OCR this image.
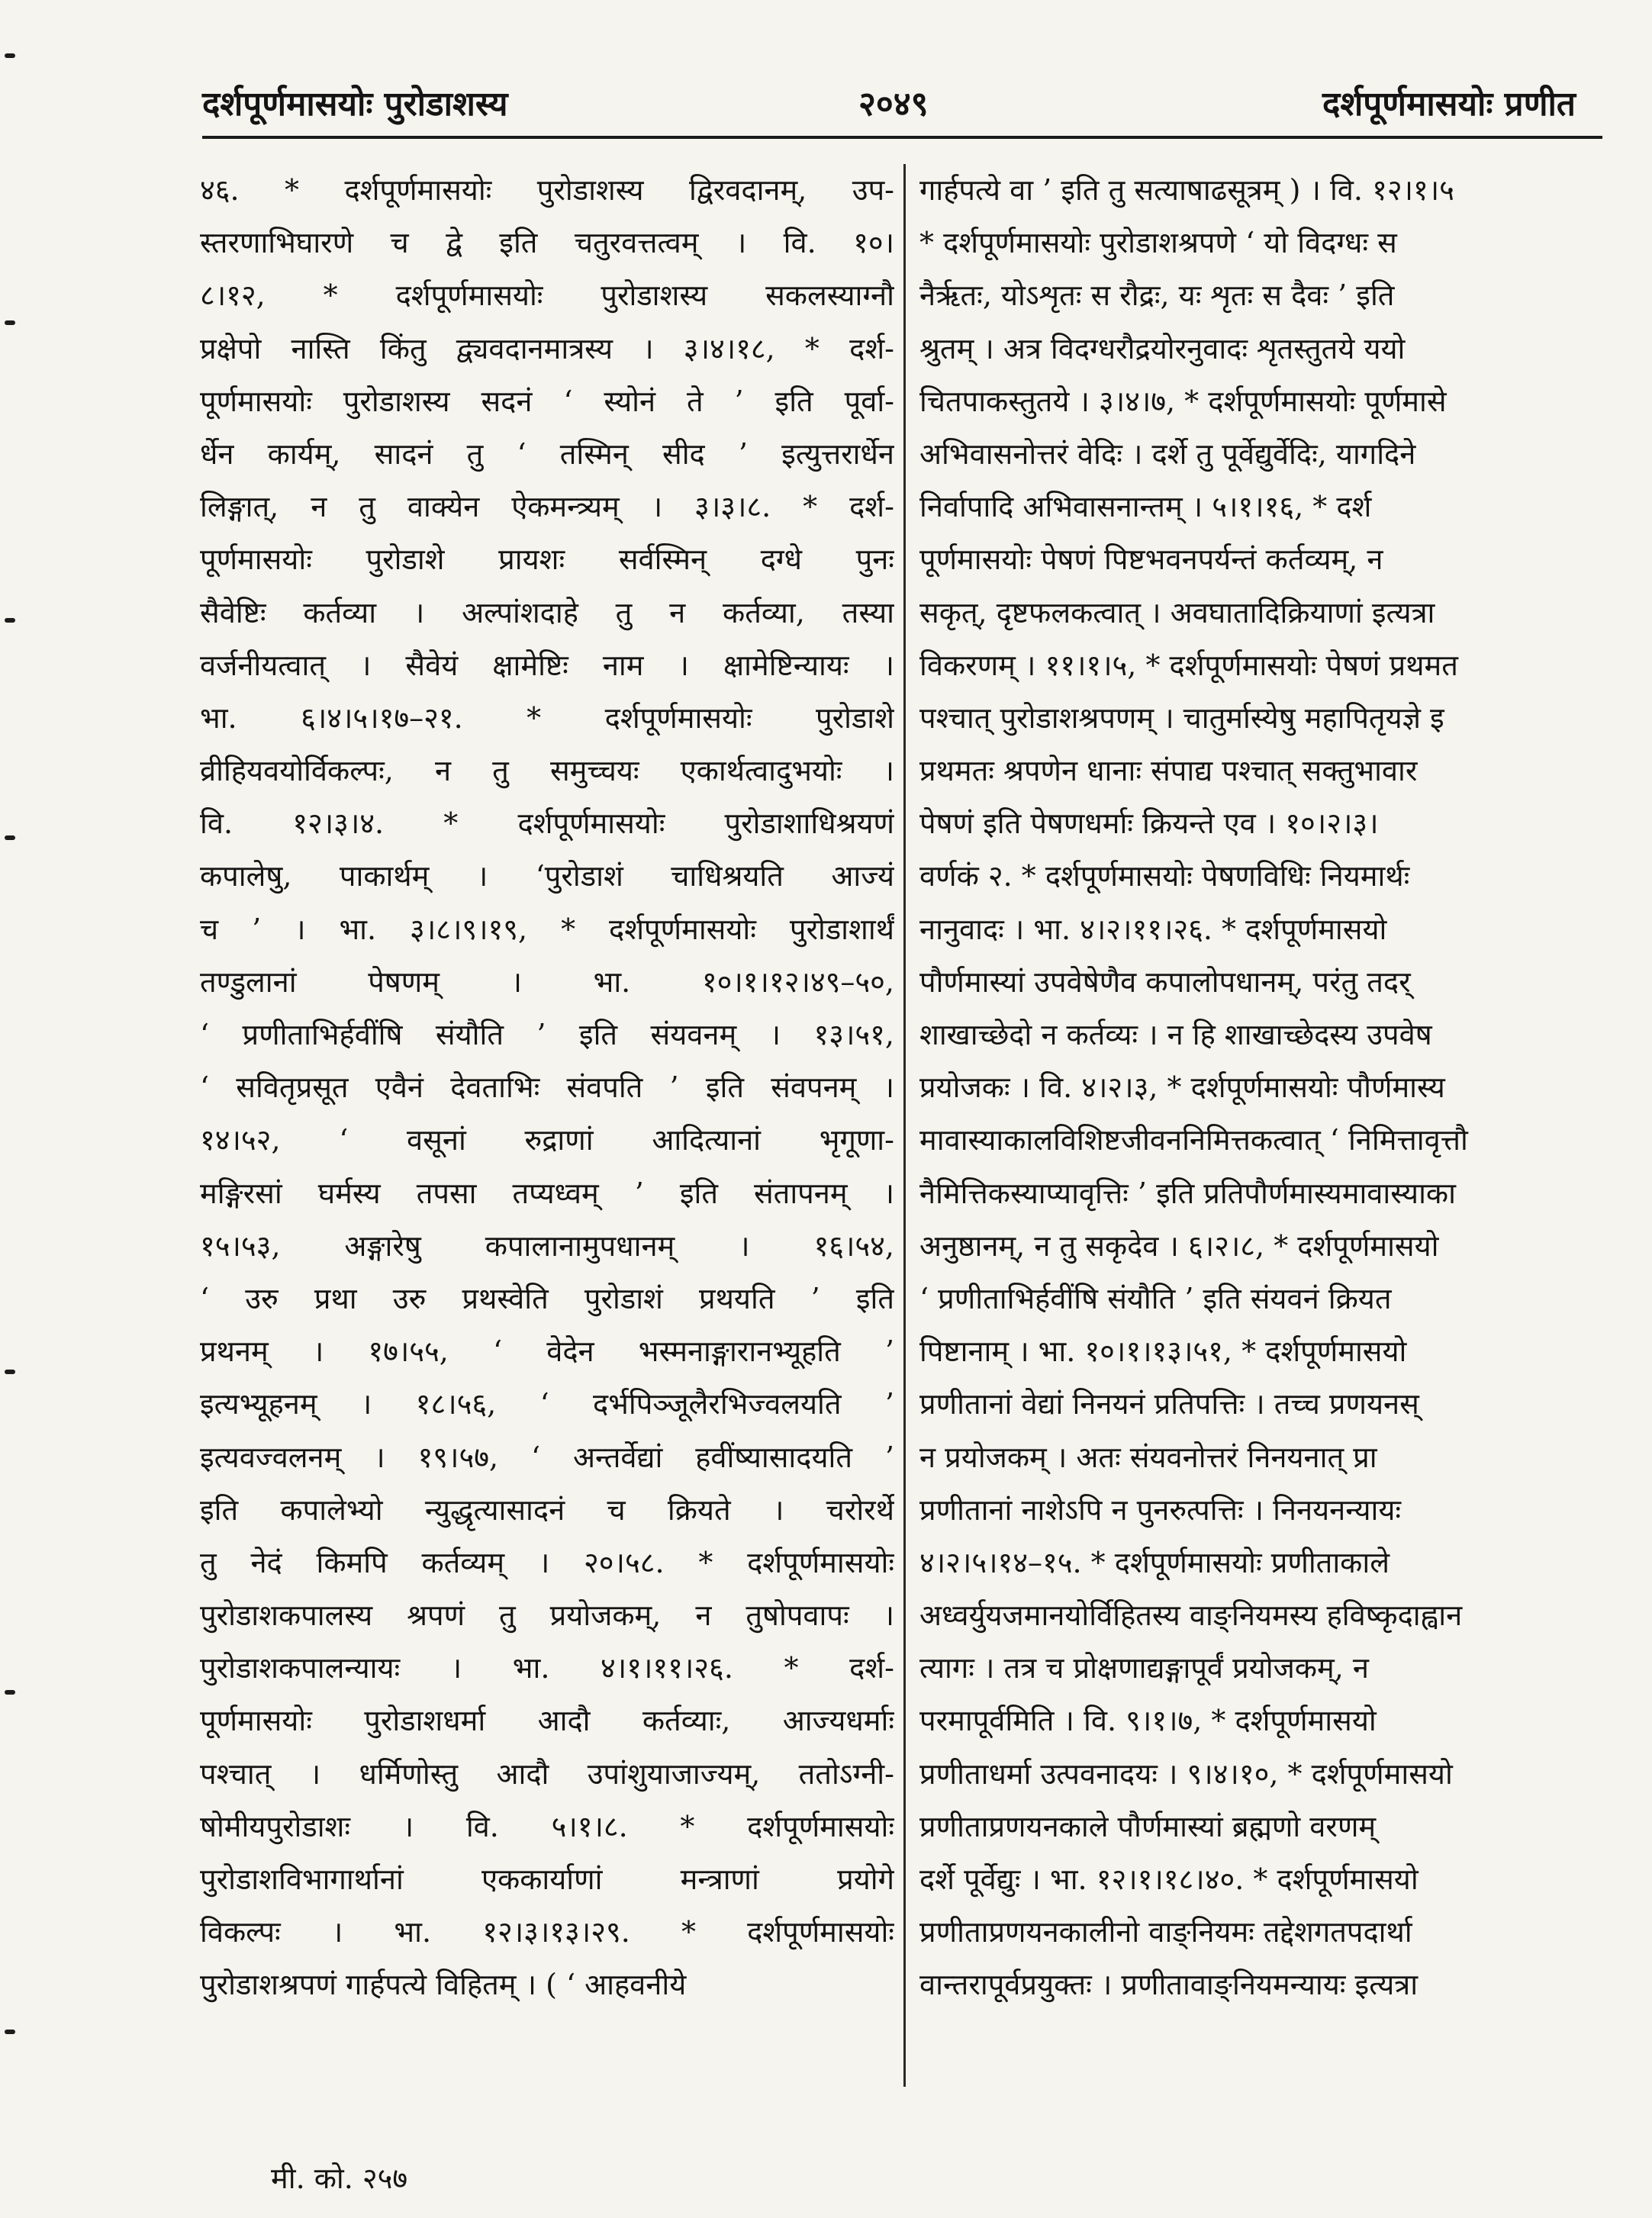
दर्शपूर्णमासयोः पुरोडाशस्य	२०४९	दर्शपूर्णमासयोः प्रणीत
४६. * दर्शपूर्णमासयोः पुरोडाशस्य द्विरवदानम्, उप-
स्तरणाभिघारणे च द्वे इति चतुरवत्तत्वम् । वि. १०।
८।१२, * दर्शपूर्णमासयोः पुरोडाशस्य सकलस्याग्नौ
प्रक्षेपो नास्ति किंतु द्व्यवदानमात्रस्य । ३।४।१८, * दर्श-
पूर्णमासयोः पुरोडाशस्य सदनं ‘ स्योनं ते ’ इति पूर्वा-
र्धेन कार्यम्, सादनं तु ‘ तस्मिन् सीद ’ इत्युत्तरार्धेन
लिङ्गात्, न तु वाक्येन ऐकमन्त्र्यम् । ३।३।८. * दर्श-
पूर्णमासयोः पुरोडाशे प्रायशः सर्वस्मिन् दग्धे पुनः
सैवेष्टिः कर्तव्या । अल्पांशदाहे तु न कर्तव्या, तस्या
वर्जनीयत्वात् । सैवेयं क्षामेष्टिः नाम । क्षामेष्टिन्यायः ।
भा. ६।४।५।१७–२१. * दर्शपूर्णमासयोः पुरोडाशे
व्रीहियवयोर्विकल्पः, न तु समुच्चयः एकार्थत्वादुभयोः ।
वि. १२।३।४. * दर्शपूर्णमासयोः पुरोडाशाधिश्रयणं
कपालेषु, पाकार्थम् । ‘पुरोडाशं चाधिश्रयति आज्यं
च ’ । भा. ३।८।९।१९, * दर्शपूर्णमासयोः पुरोडाशार्थं
तण्डुलानां पेषणम् । भा. १०।१।१२।४९–५०,
‘ प्रणीताभिर्हवींषि संयौति ’ इति संयवनम् । १३।५१,
‘ सवितृप्रसूत एवैनं देवताभिः संवपति ’ इति संवपनम् ।
१४।५२, ‘ वसूनां रुद्राणां आदित्यानां भृगूणा-
मङ्गिरसां घर्मस्य तपसा तप्यध्वम् ’ इति संतापनम् ।
१५।५३, अङ्गारेषु कपालानामुपधानम् । १६।५४,
‘ उरु प्रथा उरु प्रथस्वेति पुरोडाशं प्रथयति ’ इति
प्रथनम् । १७।५५, ‘ वेदेन भस्मनाङ्गारानभ्यूहति ’
इत्यभ्यूहनम् । १८।५६, ‘ दर्भपिञ्जूलैरभिज्वलयति ’
इत्यवज्वलनम् । १९।५७, ‘ अन्तर्वेद्यां हवींष्यासादयति ’
इति कपालेभ्यो न्युद्धृत्यासादनं च क्रियते । चरोरर्थे
तु नेदं किमपि कर्तव्यम् । २०।५८. * दर्शपूर्णमासयोः
पुरोडाशकपालस्य श्रपणं तु प्रयोजकम्, न तुषोपवापः ।
पुरोडाशकपालन्यायः । भा. ४।१।११।२६. * दर्श-
पूर्णमासयोः पुरोडाशधर्मा आदौ कर्तव्याः, आज्यधर्माः
पश्चात् । धर्मिणोस्तु आदौ उपांशुयाजाज्यम्, ततोऽग्नी-
षोमीयपुरोडाशः । वि. ५।१।८. * दर्शपूर्णमासयोः
पुरोडाशविभागार्थानां एककार्याणां मन्त्राणां प्रयोगे
विकल्पः । भा. १२।३।१३।२९. * दर्शपूर्णमासयोः
पुरोडाशश्रपणं गार्हपत्ये विहितम् । ( ‘ आहवनीये
गार्हपत्ये वा ’ इति तु सत्याषाढसूत्रम् ) । वि. १२।१।५
* दर्शपूर्णमासयोः पुरोडाशश्रपणे ‘ यो विदग्धः स
नैर्ऋतः, योऽशृतः स रौद्रः, यः शृतः स दैवः ’ इति
श्रुतम् । अत्र विदग्धरौद्रयोरनुवादः शृतस्तुतये ययो
चितपाकस्तुतये । ३।४।७, * दर्शपूर्णमासयोः पूर्णमासे
अभिवासनोत्तरं वेदिः । दर्शे तु पूर्वेद्युर्वेदिः, यागदिने
निर्वापादि अभिवासनान्तम् । ५।१।१६, * दर्श
पूर्णमासयोः पेषणं पिष्टभवनपर्यन्तं कर्तव्यम्, न
सकृत्, दृष्टफलकत्वात् । अवघातादिक्रियाणां इत्यत्रा
विकरणम् । ११।१।५, * दर्शपूर्णमासयोः पेषणं प्रथमत
पश्चात् पुरोडाशश्रपणम् । चातुर्मास्येषु महापितृयज्ञे इ
प्रथमतः श्रपणेन धानाः संपाद्य पश्चात् सक्तुभावार
पेषणं इति पेषणधर्माः क्रियन्ते एव । १०।२।३।
वर्णकं २. * दर्शपूर्णमासयोः पेषणविधिः नियमार्थः
नानुवादः । भा. ४।२।११।२६. * दर्शपूर्णमासयो
पौर्णमास्यां उपवेषेणैव कपालोपधानम्, परंतु तदर्
शाखाच्छेदो न कर्तव्यः । न हि शाखाच्छेदस्य उपवेष
प्रयोजकः । वि. ४।२।३, * दर्शपूर्णमासयोः पौर्णमास्य
मावास्याकालविशिष्टजीवननिमित्तकत्वात् ‘ निमित्तावृत्तौ
नैमित्तिकस्याप्यावृत्तिः ’ इति प्रतिपौर्णमास्यमावास्याका
अनुष्ठानम्, न तु सकृदेव । ६।२।८, * दर्शपूर्णमासयो
‘ प्रणीताभिर्हवींषि संयौति ’ इति संयवनं क्रियत
पिष्टानाम् । भा. १०।१।१३।५१, * दर्शपूर्णमासयो
प्रणीतानां वेद्यां निनयनं प्रतिपत्तिः । तच्च प्रणयनस्
न प्रयोजकम् । अतः संयवनोत्तरं निनयनात् प्रा
प्रणीतानां नाशेऽपि न पुनरुत्पत्तिः । निनयनन्यायः
४।२।५।१४–१५. * दर्शपूर्णमासयोः प्रणीताकाले
अध्वर्युयजमानयोर्विहितस्य वाङ्नियमस्य हविष्कृदाह्वान
त्यागः । तत्र च प्रोक्षणाद्यङ्गापूर्वं प्रयोजकम्, न
परमापूर्वमिति । वि. ९।१।७, * दर्शपूर्णमासयो
प्रणीताधर्मा उत्पवनादयः । ९।४।१०, * दर्शपूर्णमासयो
प्रणीताप्रणयनकाले पौर्णमास्यां ब्रह्मणो वरणम्
दर्शे पूर्वेद्युः । भा. १२।१।१८।४०. * दर्शपूर्णमासयो
प्रणीताप्रणयनकालीनो वाङ्नियमः तद्देशगतपदार्था
वान्तरापूर्वप्रयुक्तः । प्रणीतावाङ्नियमन्यायः इत्यत्रा
मी. को. २५७
